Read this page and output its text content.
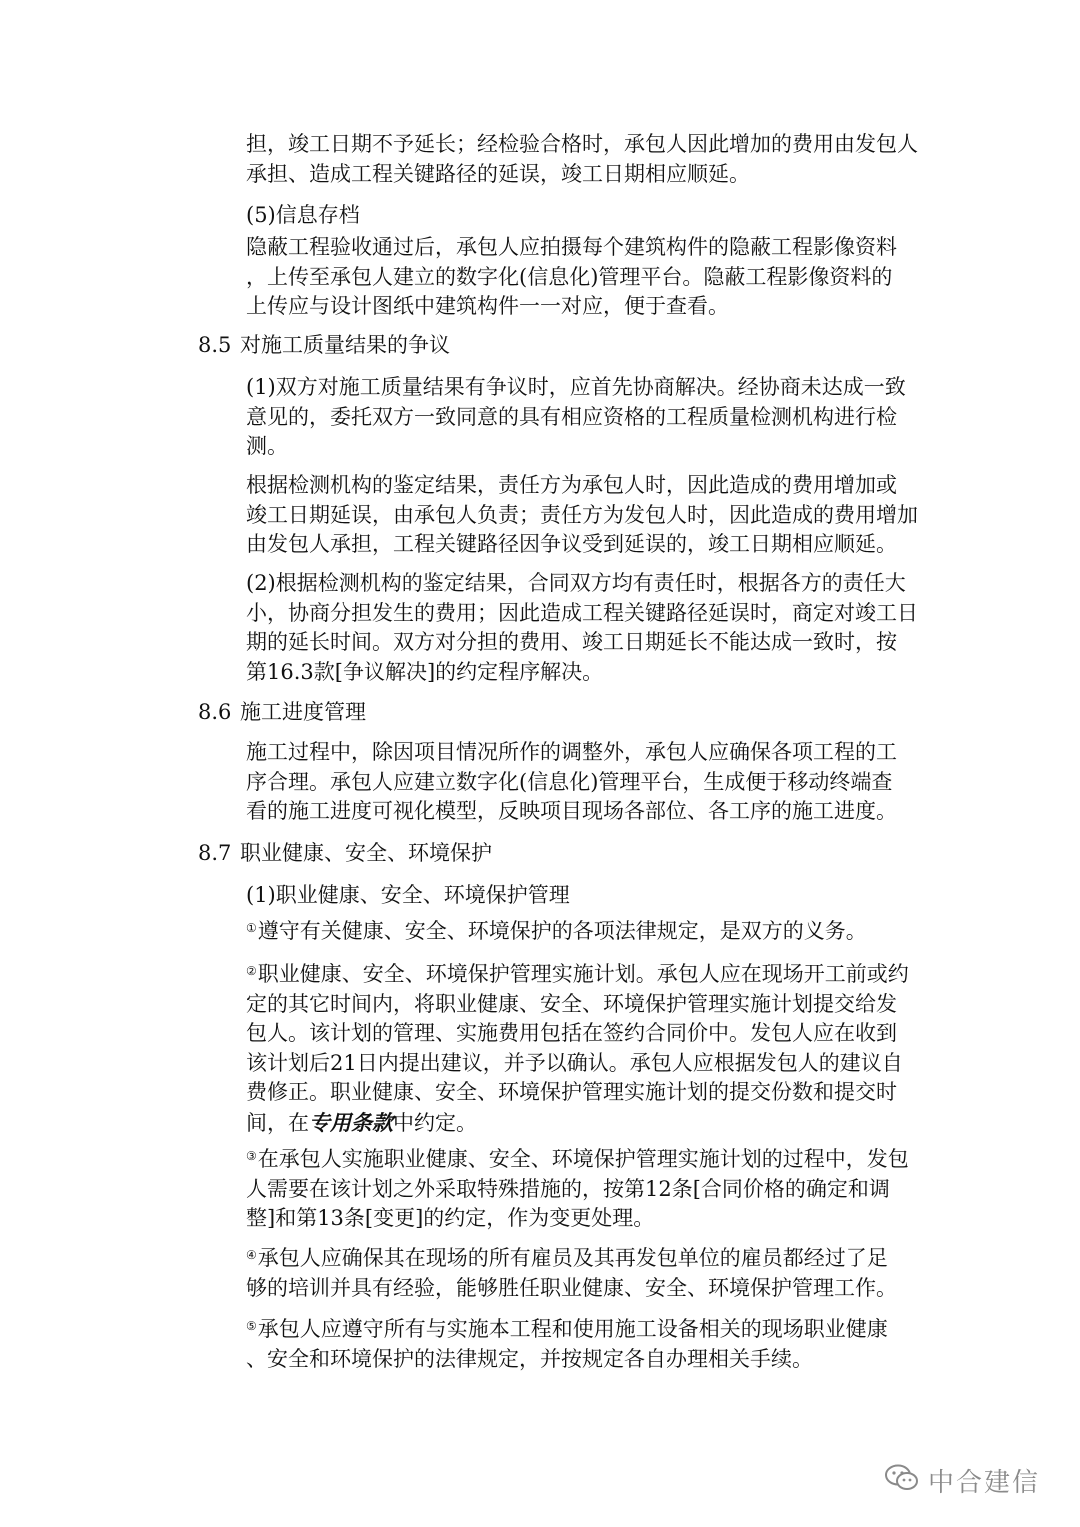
担，竣工日期不予延长；经检验合格时，承包人因此增加的费用由发包人
承担、造成工程关键路径的延误，竣工日期相应顺延。

(5)信息存档

隐蔽工程验收通过后，承包人应拍摄每个建筑构件的隐蔽工程影像资料
，上传至承包人建立的数字化(信息化)管理平台。隐蔽工程影像资料的
上传应与设计图纸中建筑构件一一对应，便于查看。

8.5 对施工质量结果的争议

(1)双方对施工质量结果有争议时，应首先协商解决。经协商未达成一致
意见的，委托双方一致同意的具有相应资格的工程质量检测机构进行检
测。

根据检测机构的鉴定结果，责任方为承包人时，因此造成的费用增加或
竣工日期延误，由承包人负责；责任方为发包人时，因此造成的费用增加
由发包人承担，工程关键路径因争议受到延误的，竣工日期相应顺延。

(2)根据检测机构的鉴定结果，合同双方均有责任时，根据各方的责任大
小，协商分担发生的费用；因此造成工程关键路径延误时，商定对竣工日
期的延长时间。双方对分担的费用、竣工日期延长不能达成一致时，按
第16.3款[争议解决]的约定程序解决。

8.6 施工进度管理

施工过程中，除因项目情况所作的调整外，承包人应确保各项工程的工
序合理。承包人应建立数字化(信息化)管理平台，生成便于移动终端查
看的施工进度可视化模型，反映项目现场各部位、各工序的施工进度。

8.7 职业健康、安全、环境保护

(1)职业健康、安全、环境保护管理

①遵守有关健康、安全、环境保护的各项法律规定，是双方的义务。

②职业健康、安全、环境保护管理实施计划。承包人应在现场开工前或约
定的其它时间内，将职业健康、安全、环境保护管理实施计划提交给发
包人。该计划的管理、实施费用包括在签约合同价中。发包人应在收到
该计划后21日内提出建议，并予以确认。承包人应根据发包人的建议自
费修正。职业健康、安全、环境保护管理实施计划的提交份数和提交时
间，在专用条款中约定。

③在承包人实施职业健康、安全、环境保护管理实施计划的过程中，发包
人需要在该计划之外采取特殊措施的，按第12条[合同价格的确定和调
整]和第13条[变更]的约定，作为变更处理。

④承包人应确保其在现场的所有雇员及其再发包单位的雇员都经过了足
够的培训并具有经验，能够胜任职业健康、安全、环境保护管理工作。

⑤承包人应遵守所有与实施本工程和使用施工设备相关的现场职业健康
、安全和环境保护的法律规定，并按规定各自办理相关手续。

中合建信
